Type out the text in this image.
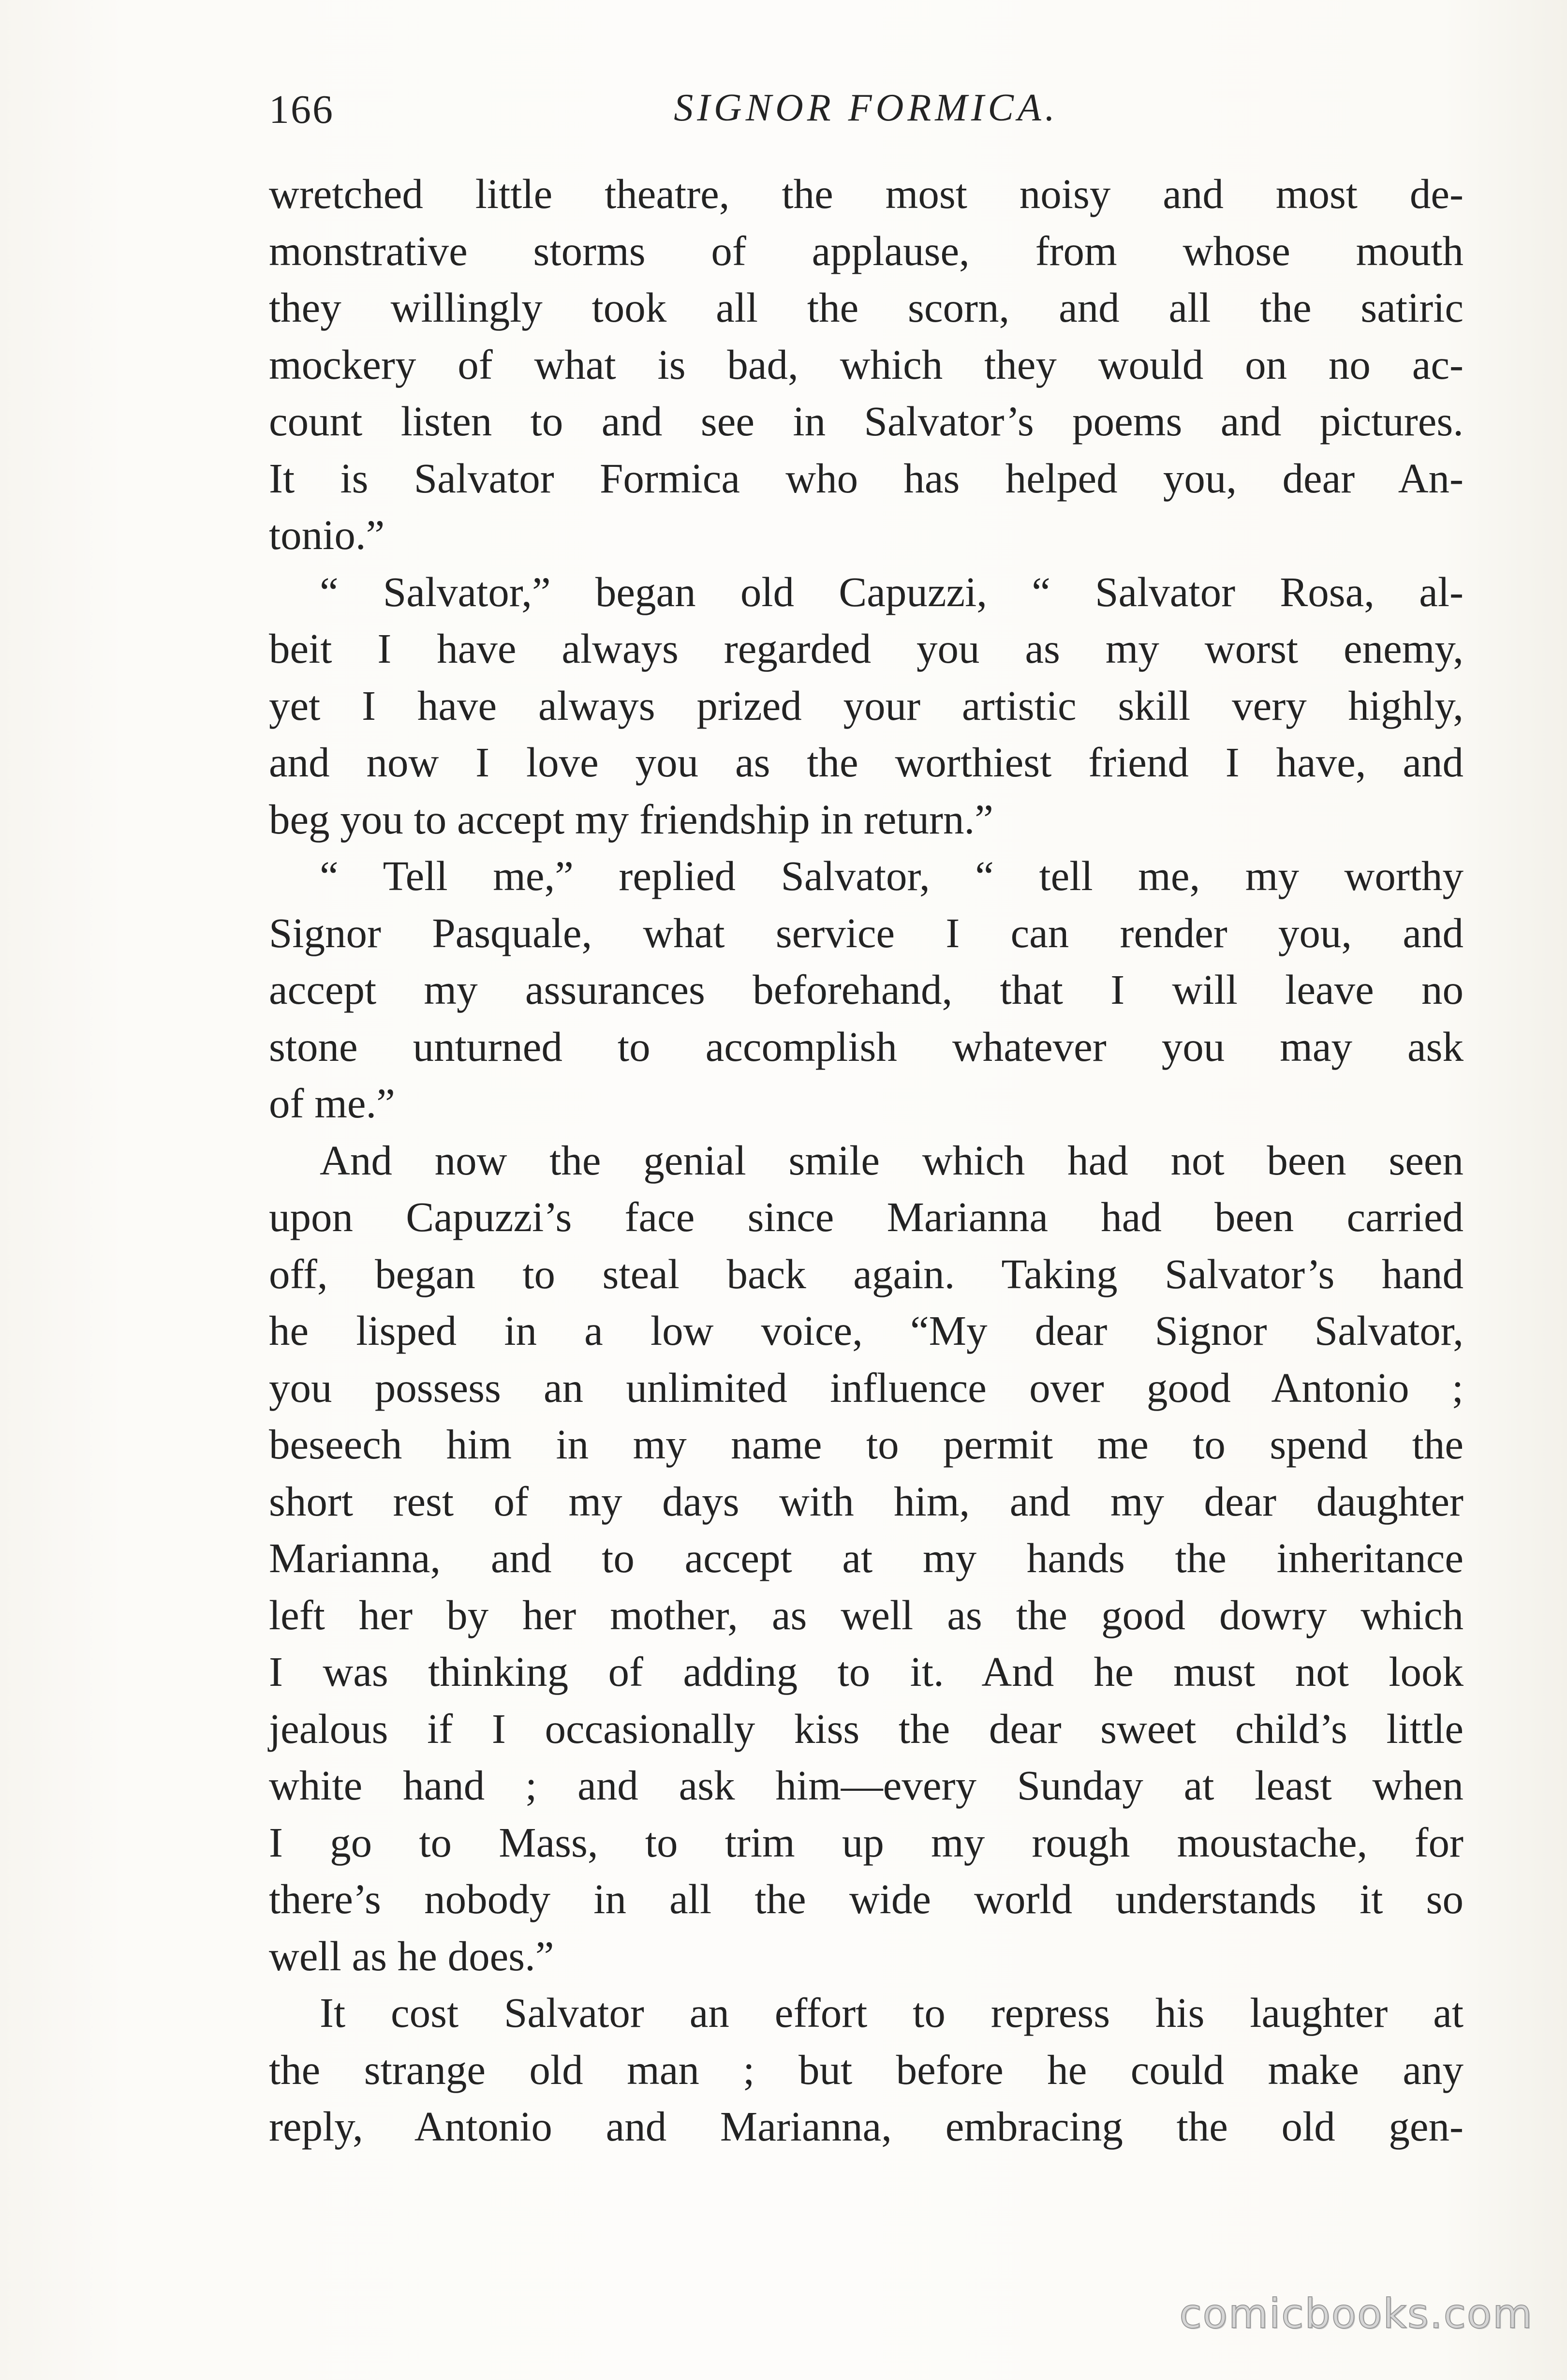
166	SIGNOR FORMICA.
wretched little theatre, the most noisy and most de-
monstrative storms of applause, from whose mouth
they willingly took all the scorn, and all the satiric
mockery of what is bad, which they would on no ac-
count listen to and see in Salvator’s poems and pictures.
It is Salvator Formica who has helped you, dear An-
tonio.”
“ Salvator,” began old Capuzzi, “ Salvator Rosa, al-
beit I have always regarded you as my worst enemy,
yet I have always prized your artistic skill very highly,
and now I love you as the worthiest friend I have, and
beg you to accept my friendship in return.”
“ Tell me,” replied Salvator, “ tell me, my worthy
Signor Pasquale, what service I can render you, and
accept my assurances beforehand, that I will leave no
stone unturned to accomplish whatever you may ask
of me.”
And now the genial smile which had not been seen
upon Capuzzi’s face since Marianna had been carried
off, began to steal back again. Taking Salvator’s hand
he lisped in a low voice, “My dear Signor Salvator,
you possess an unlimited influence over good Antonio ;
beseech him in my name to permit me to spend the
short rest of my days with him, and my dear daughter
Marianna, and to accept at my hands the inheritance
left her by her mother, as well as the good dowry which
I was thinking of adding to it. And he must not look
jealous if I occasionally kiss the dear sweet child’s little
white hand ; and ask him—every Sunday at least when
I go to Mass, to trim up my rough moustache, for
there’s nobody in all the wide world understands it so
well as he does.”
It cost Salvator an effort to repress his laughter at
the strange old man ; but before he could make any
reply, Antonio and Marianna, embracing the old gen-
comicbooks.com
